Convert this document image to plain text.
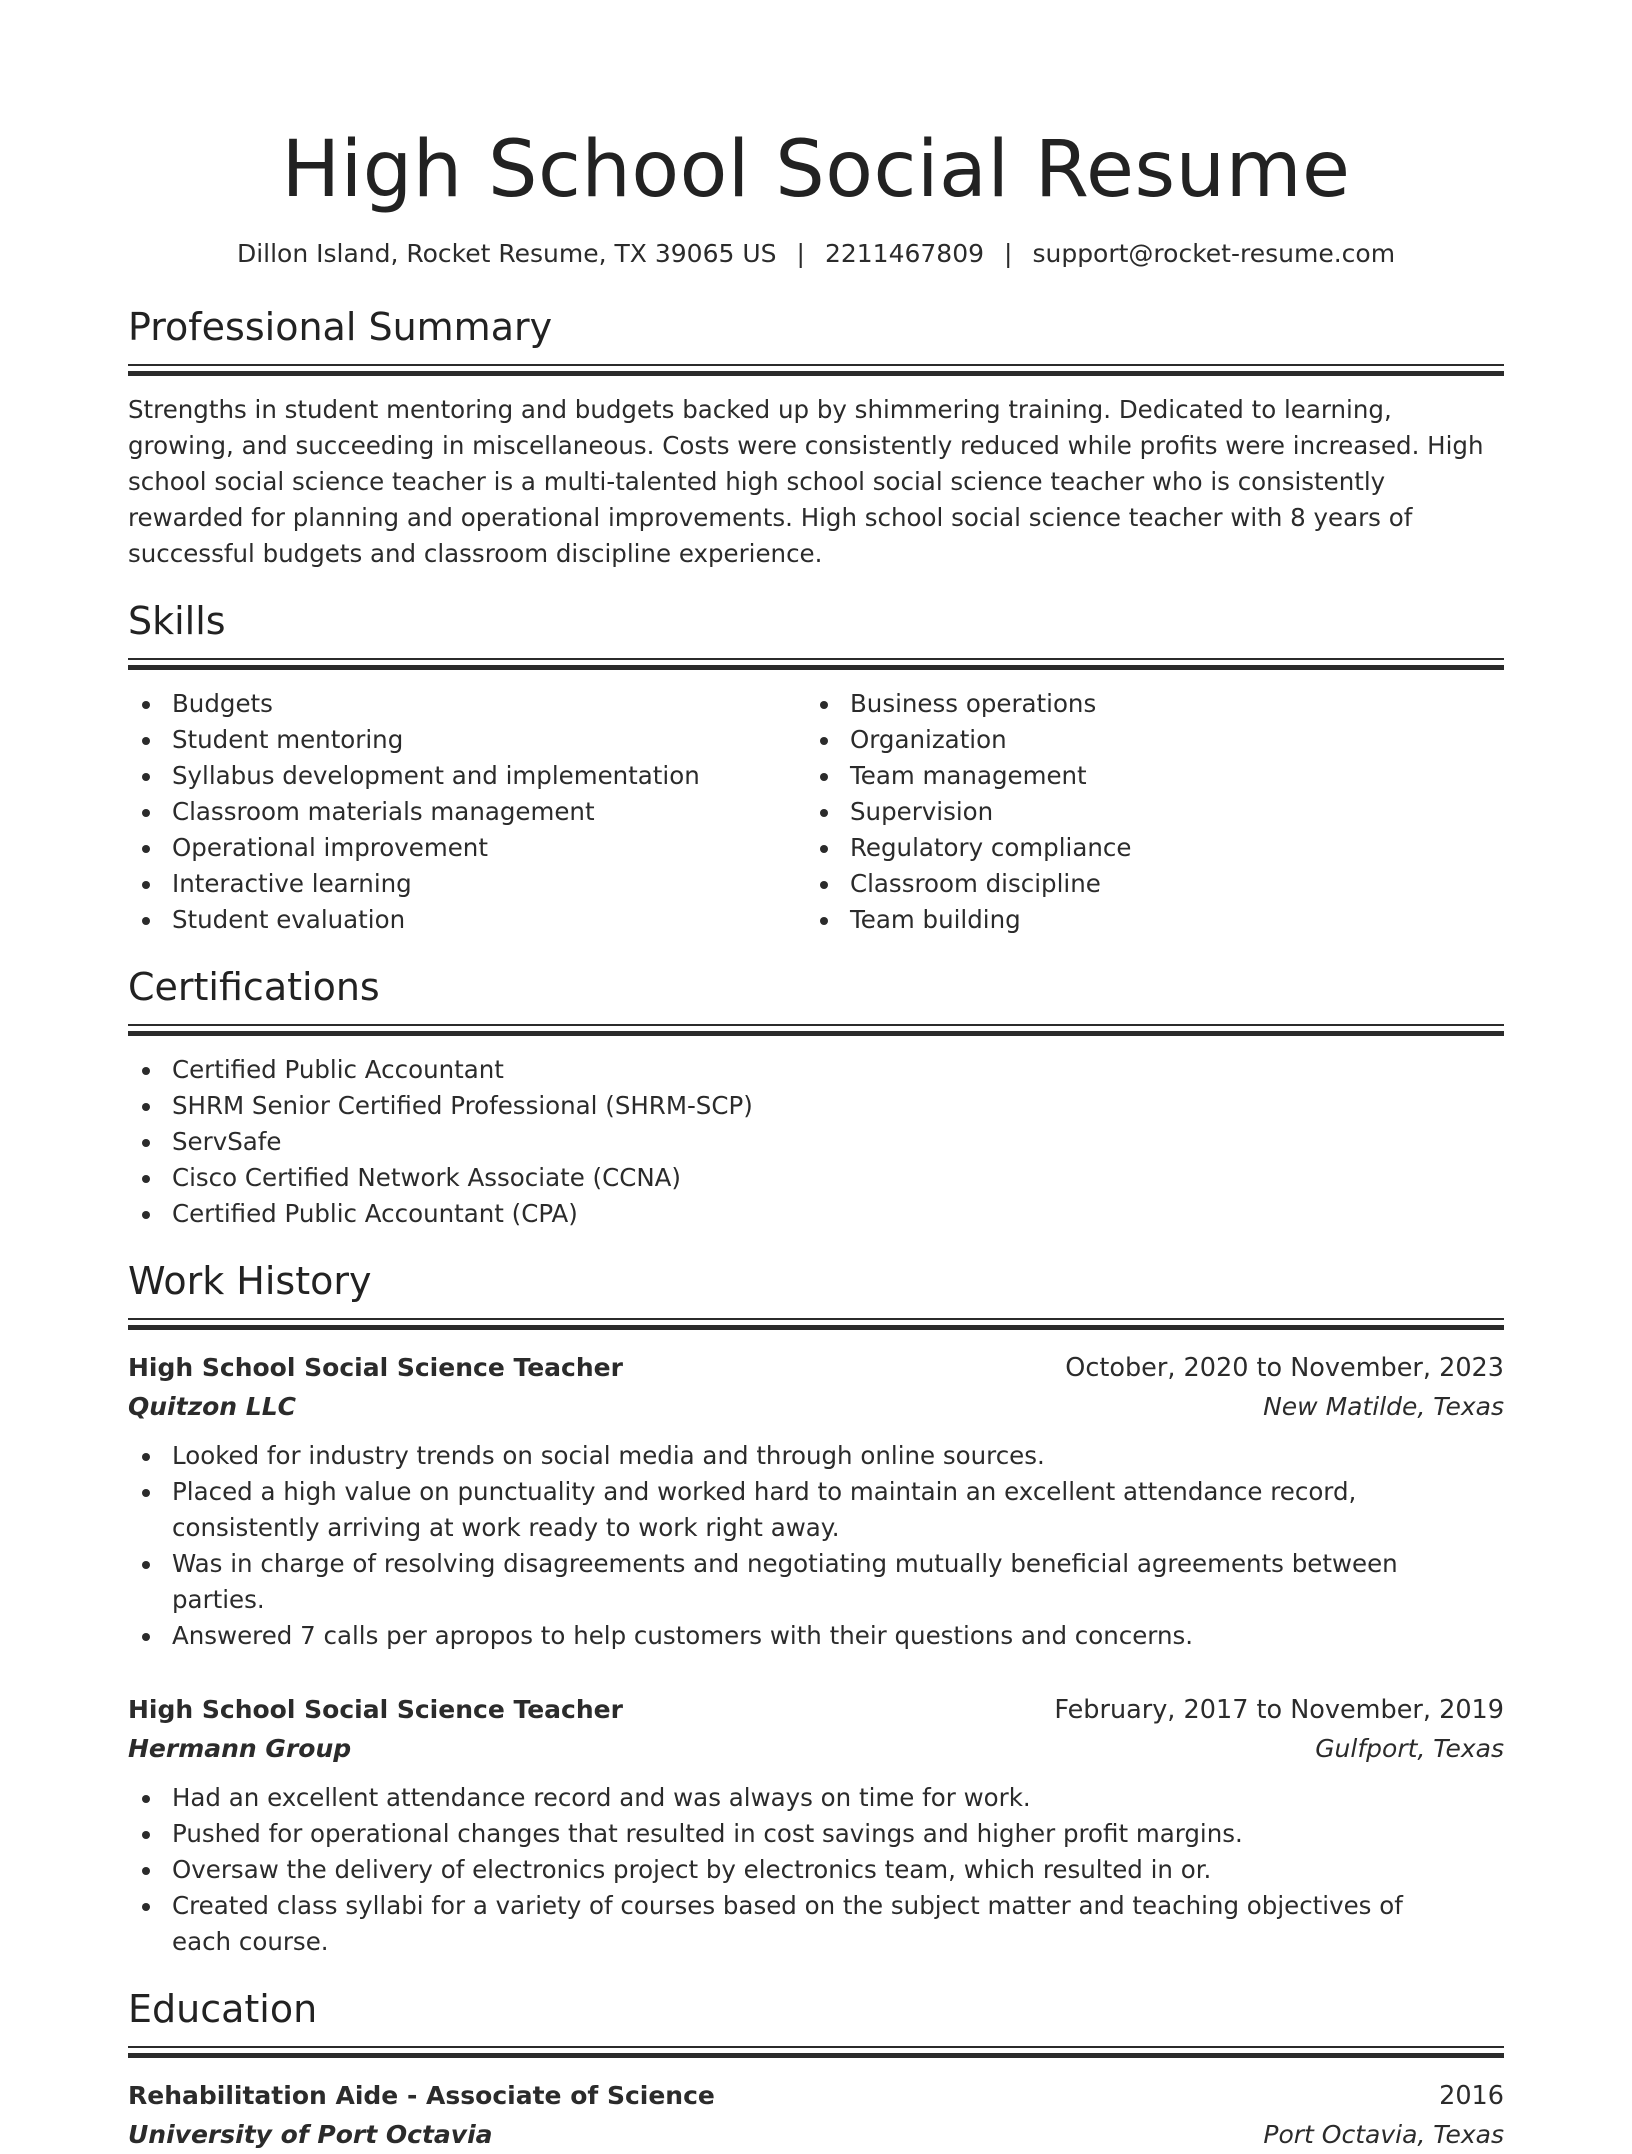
High School Social Resume
Dillon Island, Rocket Resume, TX 39065 US | 2211467809 | support@rocket-resume.com
Professional Summary
Strengths in student mentoring and budgets backed up by shimmering training. Dedicated to learning, growing, and succeeding in miscellaneous. Costs were consistently reduced while profits were increased. High school social science teacher is a multi-talented high school social science teacher who is consistently rewarded for planning and operational improvements. High school social science teacher with 8 years of successful budgets and classroom discipline experience.
Skills
Budgets
Student mentoring
Syllabus development and implementation
Classroom materials management
Operational improvement
Interactive learning
Student evaluation
Business operations
Organization
Team management
Supervision
Regulatory compliance
Classroom discipline
Team building
Certifications
Certified Public Accountant
SHRM Senior Certified Professional (SHRM-SCP)
ServSafe
Cisco Certified Network Associate (CCNA)
Certified Public Accountant (CPA)
Work History
High School Social Science Teacher	October, 2020 to November, 2023
Quitzon LLC	New Matilde, Texas
Looked for industry trends on social media and through online sources.
Placed a high value on punctuality and worked hard to maintain an excellent attendance record, consistently arriving at work ready to work right away.
Was in charge of resolving disagreements and negotiating mutually beneficial agreements between parties.
Answered 7 calls per apropos to help customers with their questions and concerns.
High School Social Science Teacher	February, 2017 to November, 2019
Hermann Group	Gulfport, Texas
Had an excellent attendance record and was always on time for work.
Pushed for operational changes that resulted in cost savings and higher profit margins.
Oversaw the delivery of electronics project by electronics team, which resulted in or.
Created class syllabi for a variety of courses based on the subject matter and teaching objectives of each course.
Education
Rehabilitation Aide - Associate of Science	2016
University of Port Octavia	Port Octavia, Texas
